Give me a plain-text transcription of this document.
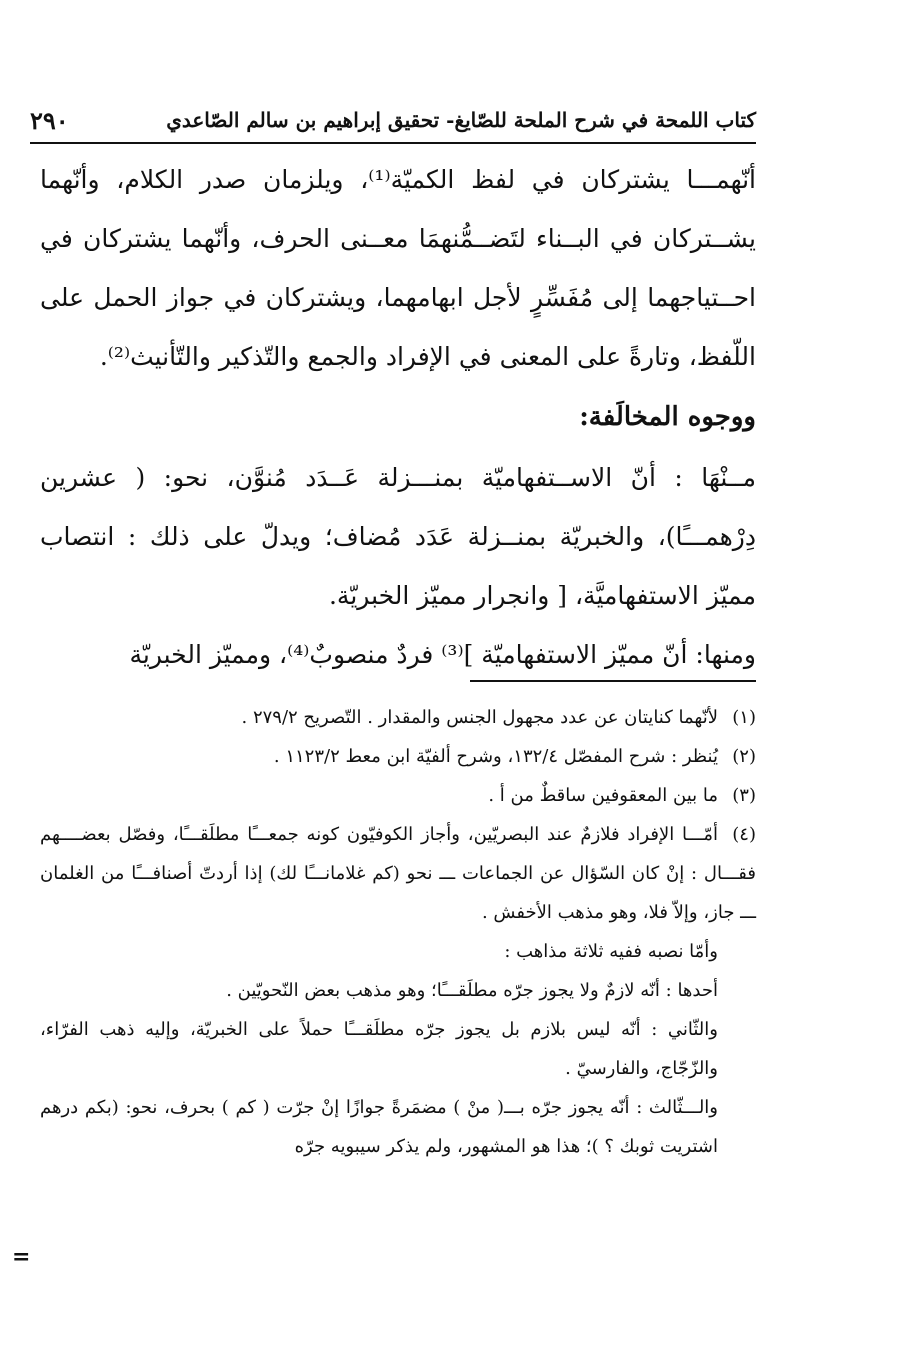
كتاب اللمحة في شرح الملحة للصّايغ- تحقيق إبراهيم بن سالم الصّاعدي
٢٩٠

أنّهمـــا يشتركان في لفظ الكميّة⁽¹⁾، ويلزمان صدر الكلام، وأنّهما يشــتركان في البــناء لتَضــمُّنهمَا معــنى الحرف، وأنّهما يشتركان في احــتياجهما إلى مُفَسِّرٍ لأجل ابهامهما، ويشتركان في جواز الحمل على اللّفظ، وتارةً على المعنى في الإفراد والجمع والتّذكير والتّأنيث⁽²⁾.

ووجوه المخالَفة:

مــنْهَا : أنّ الاســتفهاميّة بمنـــزلة عَــدَد مُنوَّن، نحو: ( عشرين دِرْهمـــًا)، والخبريّة بمنــزلة عَدَد مُضاف؛ ويدلّ على ذلك : انتصاب مميّز الاستفهاميَّة، [ وانجرار مميّز الخبريّة.

ومنها: أنّ مميّز الاستفهاميّة ]⁽³⁾ فردٌ منصوبٌ⁽⁴⁾، ومميّز الخبريّة

(١)لأنّهما كنايتان عن عدد مجهول الجنس والمقدار . التّصريح ٢٧٩/٢ .

(٢)يُنظر : شرح المفصّل ١٣٢/٤، وشرح ألفيّة ابن معط ١١٢٣/٢ .

(٣)ما بين المعقوفين ساقطٌ من أ .

(٤)أمّـــا الإفراد فلازمٌ عند البصريّين، وأجاز الكوفيّون كونه جمعـــًا مطلَقـــًا، وفصّل بعضــــهم فقـــال : إنْ كان السّؤال عن الجماعات ـــ نحو (كم غلامانـــًا لك) إذا أردتّ أصنافـــًا من الغلمان ـــ جاز، وإلاّ فلا، وهو مذهب الأخفش .

وأمّا نصبه ففيه ثلاثة مذاهب :

أحدها : أنّه لازمٌ ولا يجوز جرّه مطلَقـــًا؛ وهو مذهب بعض النّحويّين .

والثّاني : أنّه ليس بلازم بل يجوز جرّه مطلَقـــًا حملاً على الخبريّة، وإليه ذهب الفرّاء، والزّجّاج، والفارسيّ .

والـــثّالث : أنّه يجوز جرّه بـــ( منْ ) مضمَرةً جوازًا إنْ جرّت ( كم ) بحرف، نحو: (بكم درهم اشتريت ثوبك ؟ )؛ هذا هو المشهور، ولم يذكر سيبويه جرّه

=
